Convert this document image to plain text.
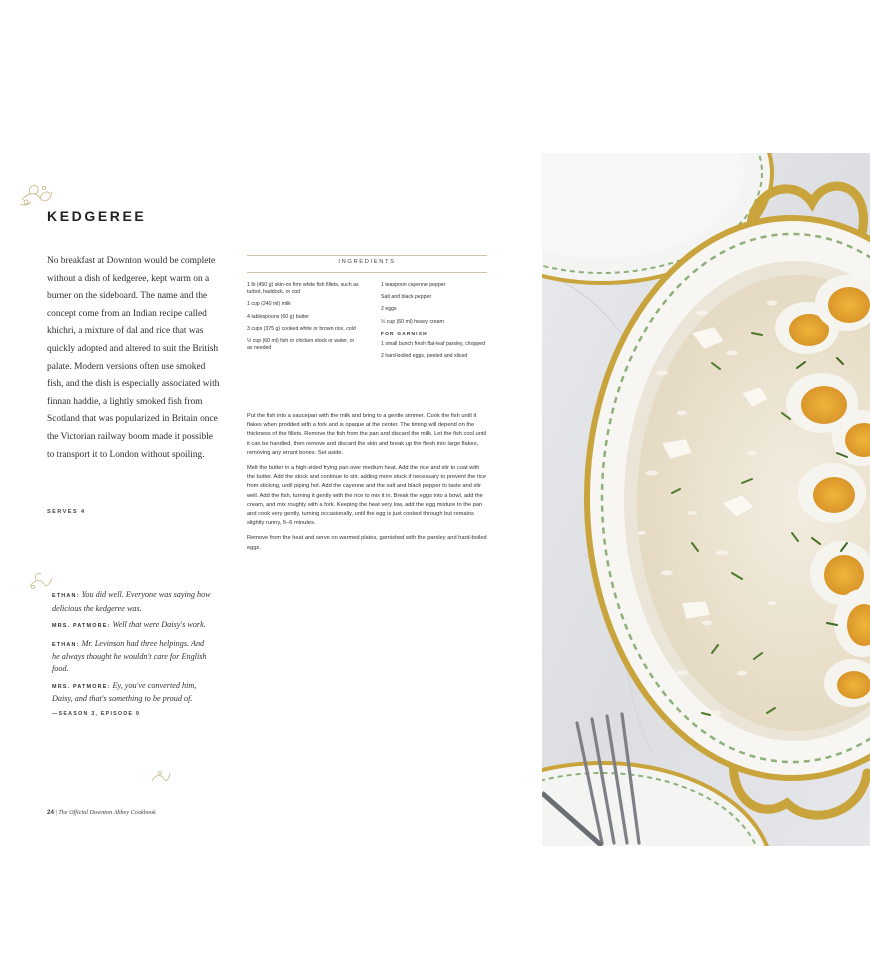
KEDGEREE

No breakfast at Downton would be complete without a dish of kedgeree, kept warm on a burner on the sideboard. The name and the concept come from an Indian recipe called khichri, a mixture of dal and rice that was quickly adopted and altered to suit the British palate. Modern versions often use smoked fish, and the dish is especially associated with finnan haddie, a lightly smoked fish from Scotland that was popularized in Britain once the Victorian railway boom made it possible to transport it to London without spoiling.

SERVES 4

ETHAN: You did well. Everyone was saying how delicious the kedgeree was.

MRS. PATMORE: Well that were Daisy's work.

ETHAN: Mr. Levinson had three helpings. And he always thought he wouldn't care for English food.

MRS. PATMORE: Ey, you've converted him, Daisy, and that's something to be proud of.

—SEASON 3, EPISODE 9
24 | The Official Downton Abbey Cookbook
INGREDIENTS

1 lb (450 g) skin-on firm white fish fillets, such as turbot, haddock, or cod

1 cup (240 ml) milk

4 tablespoons (60 g) butter

3 cups (375 g) cooked white or brown rice, cold

½ cup (60 ml) fish or chicken stock or water, or as needed

1 teaspoon cayenne pepper

Salt and black pepper

2 eggs

½ cup (60 ml) heavy cream

FOR GARNISH

1 small bunch fresh flat-leaf parsley, chopped

2 hard-boiled eggs, peeled and sliced

Put the fish into a saucepan with the milk and bring to a gentle simmer. Cook the fish until it flakes when prodded with a fork and is opaque at the center. The timing will depend on the thickness of the fillets. Remove the fish from the pan and discard the milk. Let the fish cool until it can be handled, then remove and discard the skin and break up the flesh into large flakes, removing any errant bones. Set aside.

Melt the butter in a high-sided frying pan over medium heat. Add the rice and stir to coat with the butter. Add the stock and continue to stir, adding more stock if necessary to prevent the rice from sticking, until piping hot. Add the cayenne and the salt and black pepper to taste and stir well. Add the fish, turning it gently with the rice to mix it in. Break the eggs into a bowl, add the cream, and mix roughly with a fork. Keeping the heat very low, add the egg mixture to the pan and cook very gently, turning occasionally, until the egg is just cooked through but remains slightly runny, 5–6 minutes.

Remove from the heat and serve on warmed plates, garnished with the parsley and hard-boiled eggs.
